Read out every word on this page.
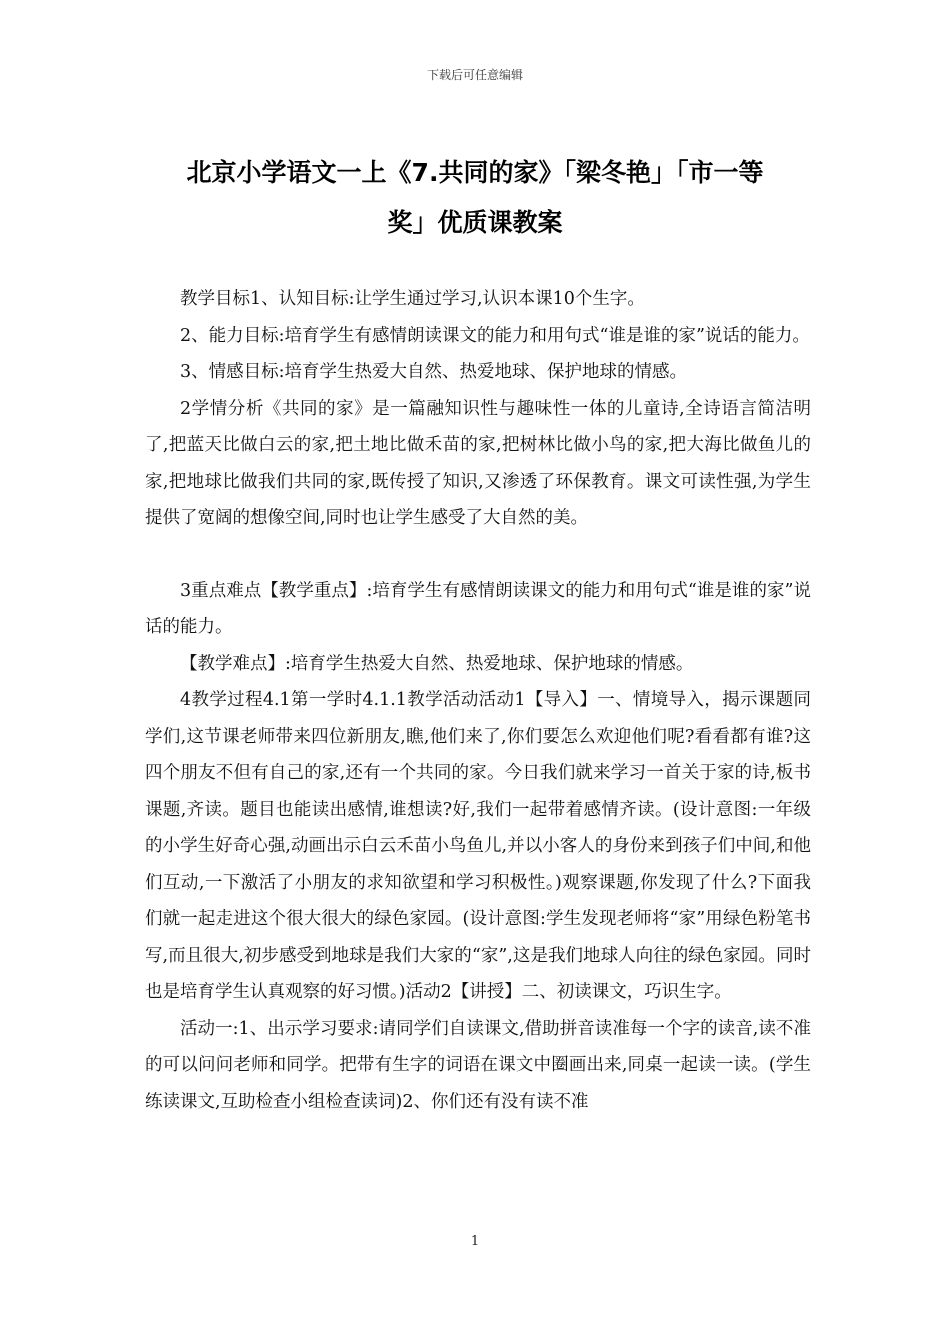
下载后可任意编辑
北京小学语文一上《7.共同的家》「梁冬艳」「市一等
奖」优质课教案

教学目标1、认知目标:让学生通过学习,认识本课10个生字。

2、能力目标:培育学生有感情朗读课文的能力和用句式“谁是谁的家”说话的能力。

3、情感目标:培育学生热爱大自然、热爱地球、保护地球的情感。

2学情分析《共同的家》是一篇融知识性与趣味性一体的儿童诗,全诗语言简洁明了,把蓝天比做白云的家,把土地比做禾苗的家,把树林比做小鸟的家,把大海比做鱼儿的家,把地球比做我们共同的家,既传授了知识,又渗透了环保教育。课文可读性强,为学生提供了宽阔的想像空间,同时也让学生感受了大自然的美。

3重点难点【教学重点】:培育学生有感情朗读课文的能力和用句式“谁是谁的家”说话的能力。

【教学难点】:培育学生热爱大自然、热爱地球、保护地球的情感。

4教学过程4.1第一学时4.1.1教学活动活动1【导入】一、情境导入，揭示课题同学们,这节课老师带来四位新朋友,瞧,他们来了,你们要怎么欢迎他们呢?看看都有谁?这四个朋友不但有自己的家,还有一个共同的家。今日我们就来学习一首关于家的诗,板书课题,齐读。题目也能读出感情,谁想读?好,我们一起带着感情齐读。(设计意图:一年级的小学生好奇心强,动画出示白云禾苗小鸟鱼儿,并以小客人的身份来到孩子们中间,和他们互动,一下激活了小朋友的求知欲望和学习积极性。)观察课题,你发现了什么?下面我们就一起走进这个很大很大的绿色家园。(设计意图:学生发现老师将“家”用绿色粉笔书写,而且很大,初步感受到地球是我们大家的“家”,这是我们地球人向往的绿色家园。同时也是培育学生认真观察的好习惯。)活动2【讲授】二、初读课文，巧识生字。

活动一:1、出示学习要求:请同学们自读课文,借助拼音读准每一个字的读音,读不准的可以问问老师和同学。把带有生字的词语在课文中圈画出来,同桌一起读一读。(学生练读课文,互助检查小组检查读词)2、你们还有没有读不准

1
